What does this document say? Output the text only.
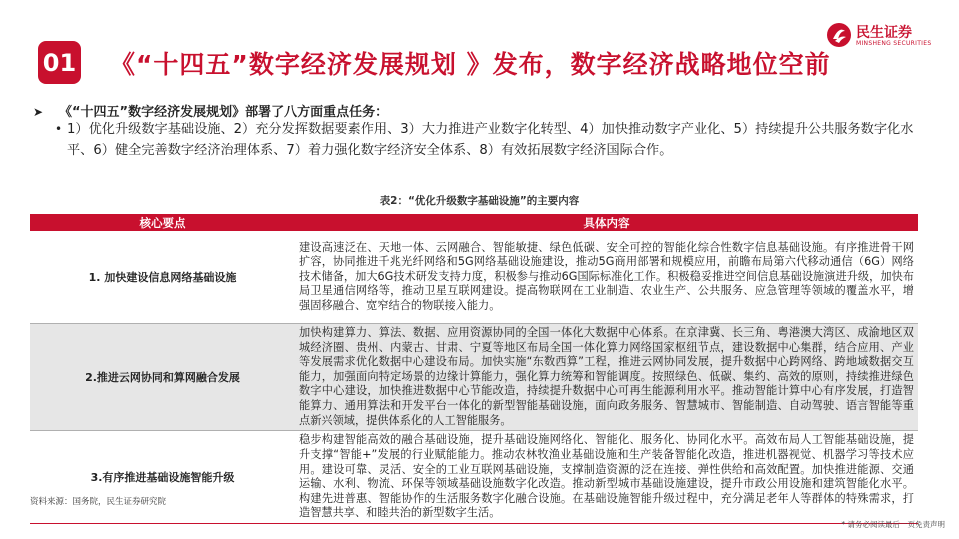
01 《“十四五”数字经济发展规划 》发布，数字经济战略地位空前
民生证券
MINSHENG SECURITIES
➤ 《“十四五”数字经济发展规划》部署了八方面重点任务：
• 1）优化升级数字基础设施、2）充分发挥数据要素作用、3）大力推进产业数字化转型、4）加快推动数字产业化、5）持续提升公共服务数字化水平、6）健全完善数字经济治理体系、7）着力强化数字经济安全体系、8）有效拓展数字经济国际合作。
表2：“优化升级数字基础设施”的主要内容
核心要点	具体内容
1. 加快建设信息网络基础设施	建设高速泛在、天地一体、云网融合、智能敏捷、绿色低碳、安全可控的智能化综合性数字信息基础设施。有序推进骨干网扩容，协同推进千兆光纤网络和5G网络基础设施建设，推动5G商用部署和规模应用，前瞻布局第六代移动通信（6G）网络技术储备，加大6G技术研发支持力度，积极参与推动6G国际标准化工作。积极稳妥推进空间信息基础设施演进升级，加快布局卫星通信网络等，推动卫星互联网建设。提高物联网在工业制造、农业生产、公共服务、应急管理等领域的覆盖水平，增强固移融合、宽窄结合的物联接入能力。
2.推进云网协同和算网融合发展	加快构建算力、算法、数据、应用资源协同的全国一体化大数据中心体系。在京津冀、长三角、粤港澳大湾区、成渝地区双城经济圈、贵州、内蒙古、甘肃、宁夏等地区布局全国一体化算力网络国家枢纽节点，建设数据中心集群，结合应用、产业等发展需求优化数据中心建设布局。加快实施“东数西算”工程，推进云网协同发展，提升数据中心跨网络、跨地域数据交互能力，加强面向特定场景的边缘计算能力，强化算力统筹和智能调度。按照绿色、低碳、集约、高效的原则，持续推进绿色数字中心建设，加快推进数据中心节能改造，持续提升数据中心可再生能源利用水平。推动智能计算中心有序发展，打造智能算力、通用算法和开发平台一体化的新型智能基础设施，面向政务服务、智慧城市、智能制造、自动驾驶、语言智能等重点新兴领域，提供体系化的人工智能服务。
3.有序推进基础设施智能升级	稳步构建智能高效的融合基础设施，提升基础设施网络化、智能化、服务化、协同化水平。高效布局人工智能基础设施，提升支撑“智能+”发展的行业赋能能力。推动农林牧渔业基础设施和生产装备智能化改造，推进机器视觉、机器学习等技术应用。建设可靠、灵活、安全的工业互联网基础设施，支撑制造资源的泛在连接、弹性供给和高效配置。加快推进能源、交通运输、水利、物流、环保等领域基础设施数字化改造。推动新型城市基础设施建设，提升市政公用设施和建筑智能化水平。构建先进普惠、智能协作的生活服务数字化融合设施。在基础设施智能升级过程中，充分满足老年人等群体的特殊需求，打造智慧共享、和睦共治的新型数字生活。
资料来源：国务院，民生证券研究院
* 请务必阅读最后一页免责声明
